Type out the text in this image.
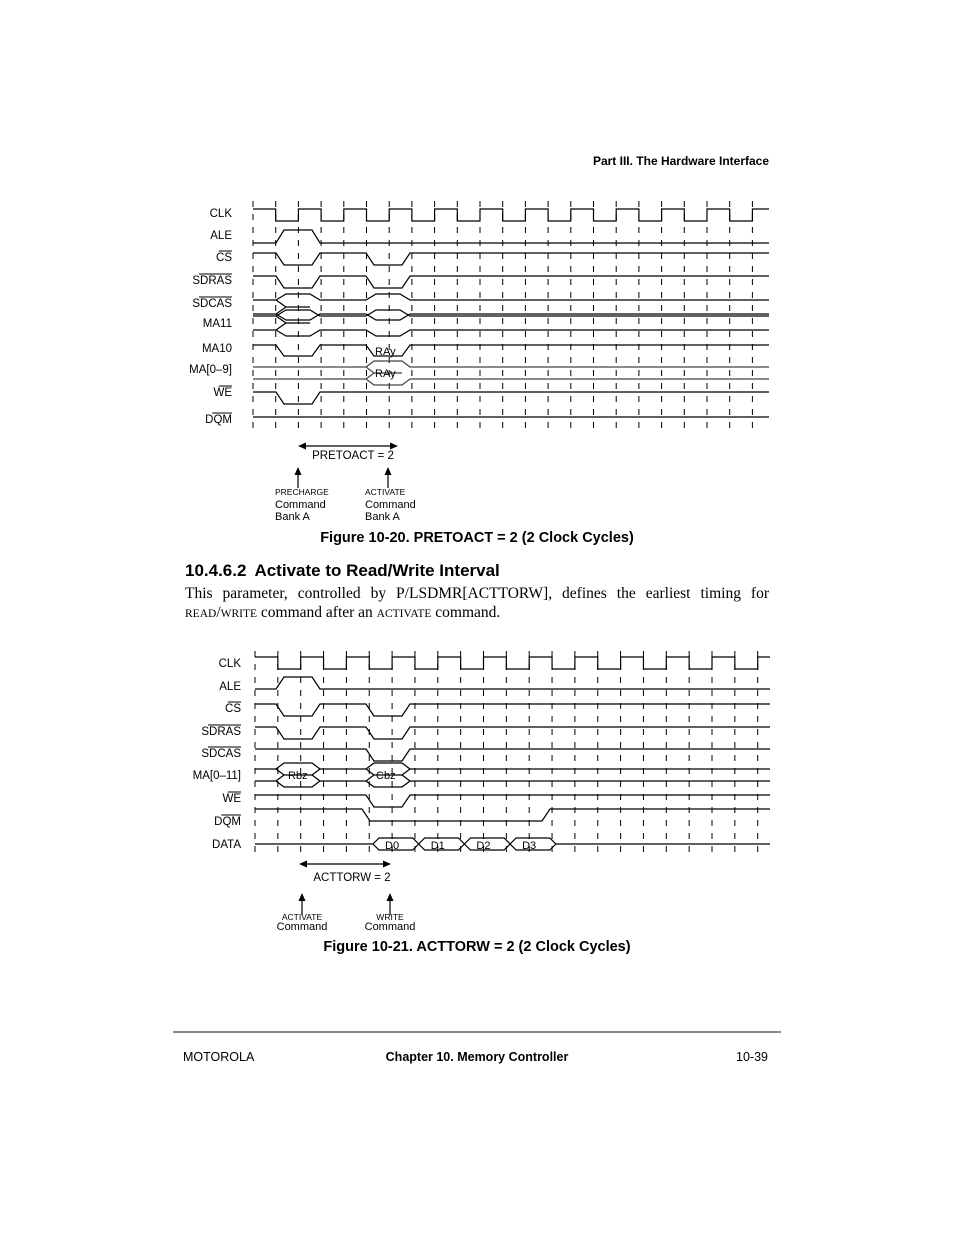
Part III. The Hardware Interface
CLK
ALE
CS
SDRAS
SDCAS
MA11
MA10
MA[0–9]
WE
DQM
RAy
RAy
PRETOACT = 2
PRECHARGE
Command
Bank A
ACTIVATE
Command
Bank A
Figure 10-20. PRETOACT = 2 (2 Clock Cycles)
10.4.6.2 Activate to Read/Write Interval
This parameter, controlled by P/LSDMR[ACTTORW], defines the earliest timing for READ/WRITE command after an ACTIVATE command.
CLK
ALE
CS
SDRAS
SDCAS
MA[0–11]
WE
DQM
DATA
Rbz	Cbz
D0	D1	D2	D3
ACTTORW = 2
ACTIVATE
Command
WRITE
Command
Figure 10-21. ACTTORW = 2 (2 Clock Cycles)
MOTOROLA	Chapter 10. Memory Controller	10-39
